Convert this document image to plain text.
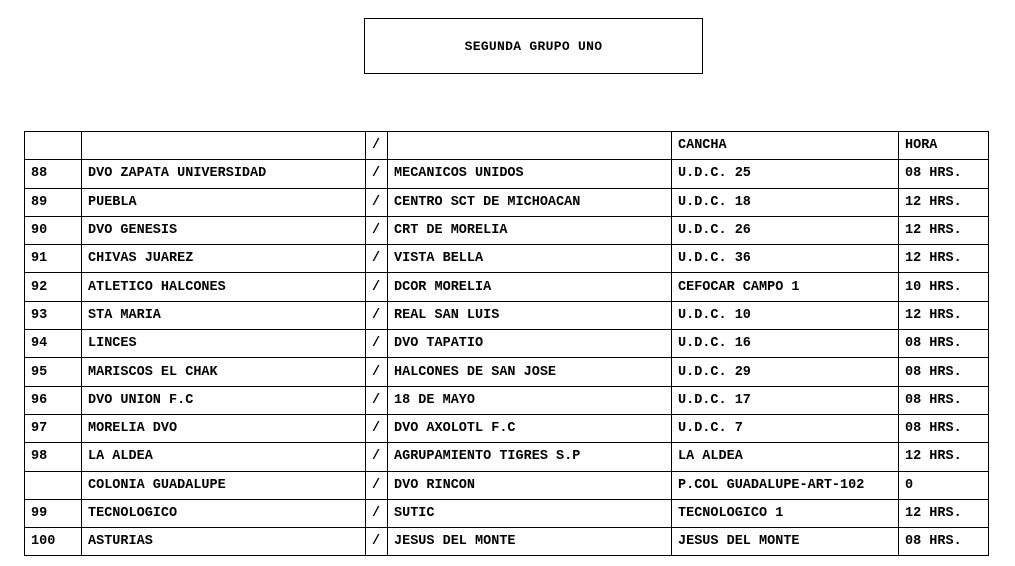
SEGUNDA GRUPO UNO
		/		CANCHA	HORA
88	DVO ZAPATA UNIVERSIDAD	/	MECANICOS UNIDOS	U.D.C. 25	08 HRS.
89	PUEBLA	/	CENTRO SCT DE MICHOACAN	U.D.C. 18	12 HRS.
90	DVO GENESIS	/	CRT DE MORELIA	U.D.C. 26	12 HRS.
91	CHIVAS JUAREZ	/	VISTA BELLA	U.D.C. 36	12 HRS.
92	ATLETICO HALCONES	/	DCOR MORELIA	CEFOCAR CAMPO 1	10 HRS.
93	STA MARIA	/	REAL SAN LUIS	U.D.C. 10	12 HRS.
94	LINCES	/	DVO TAPATIO	U.D.C. 16	08 HRS.
95	MARISCOS EL CHAK	/	HALCONES DE SAN JOSE	U.D.C. 29	08 HRS.
96	DVO UNION F.C	/	18 DE MAYO	U.D.C. 17	08 HRS.
97	MORELIA DVO	/	DVO AXOLOTL F.C	U.D.C. 7	08 HRS.
98	LA ALDEA	/	AGRUPAMIENTO TIGRES S.P	LA ALDEA	12 HRS.
	COLONIA GUADALUPE	/	DVO RINCON	P.COL GUADALUPE-ART-102	0
99	TECNOLOGICO	/	SUTIC	TECNOLOGICO 1	12 HRS.
100	ASTURIAS	/	JESUS DEL MONTE	JESUS DEL MONTE	08 HRS.
